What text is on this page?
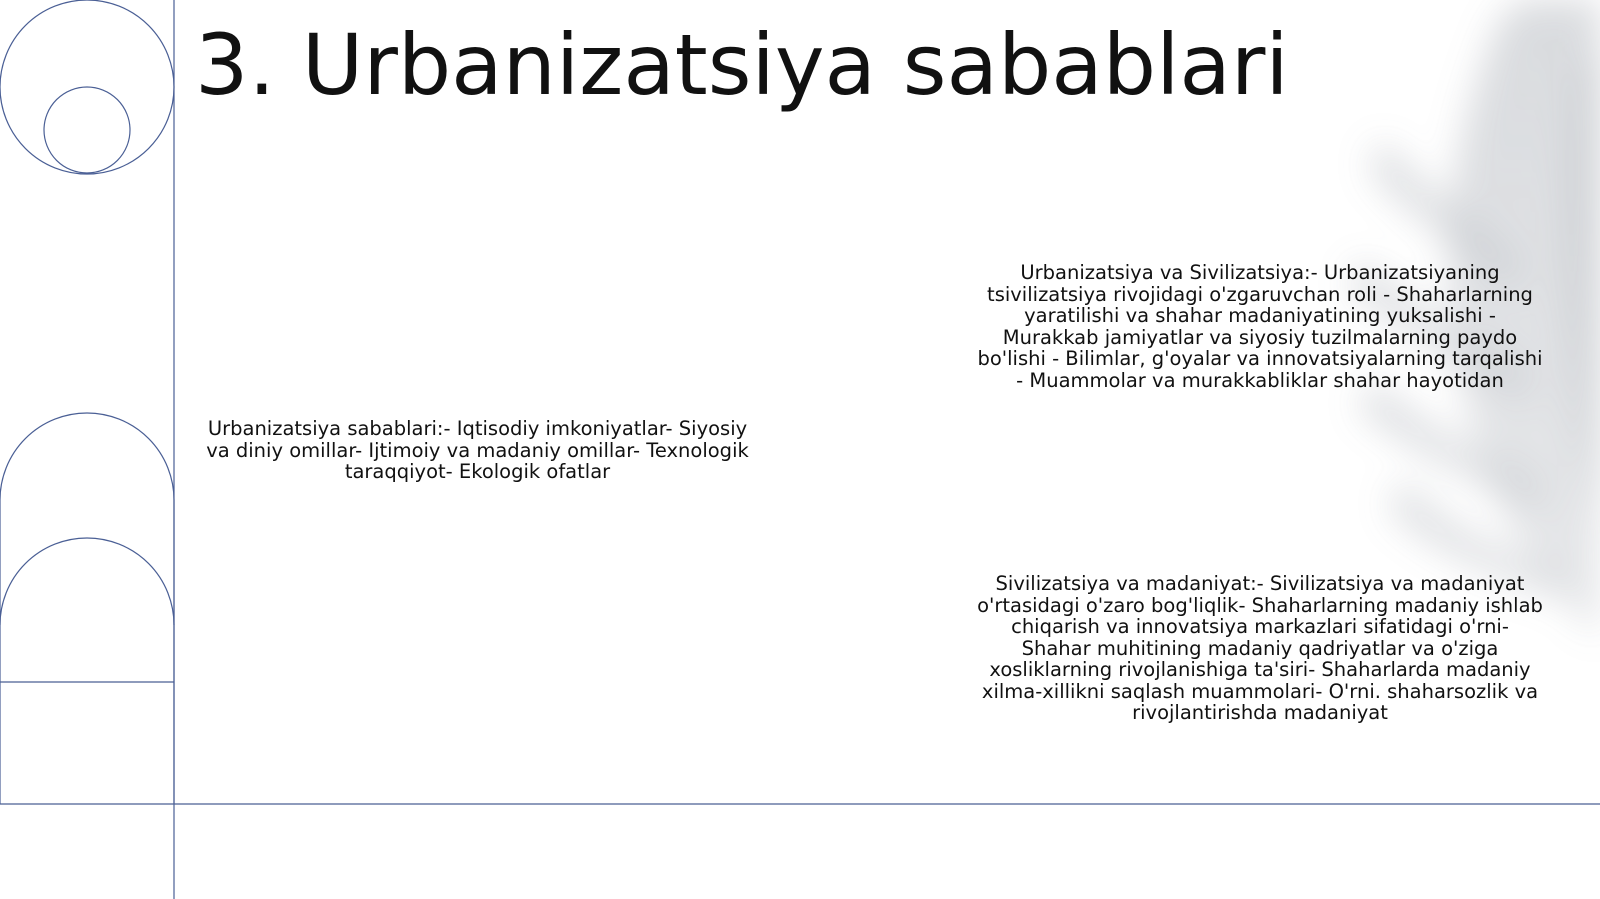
3. Urbanizatsiya sabablari
Urbanizatsiya sabablari:- Iqtisodiy imkoniyatlar- Siyosiy va diniy omillar- Ijtimoiy va madaniy omillar- Texnologik taraqqiyot- Ekologik ofatlar
Urbanizatsiya va Sivilizatsiya:- Urbanizatsiyaning tsivilizatsiya rivojidagi o'zgaruvchan roli - Shaharlarning yaratilishi va shahar madaniyatining yuksalishi - Murakkab jamiyatlar va siyosiy tuzilmalarning paydo bo'lishi - Bilimlar, g'oyalar va innovatsiyalarning tarqalishi - Muammolar va murakkabliklar shahar hayotidan
Sivilizatsiya va madaniyat:- Sivilizatsiya va madaniyat o'rtasidagi o'zaro bog'liqlik- Shaharlarning madaniy ishlab chiqarish va innovatsiya markazlari sifatidagi o'rni- Shahar muhitining madaniy qadriyatlar va o'ziga xosliklarning rivojlanishiga ta'siri- Shaharlarda madaniy xilma-xillikni saqlash muammolari- O'rni. shaharsozlik va rivojlantirishda madaniyat
